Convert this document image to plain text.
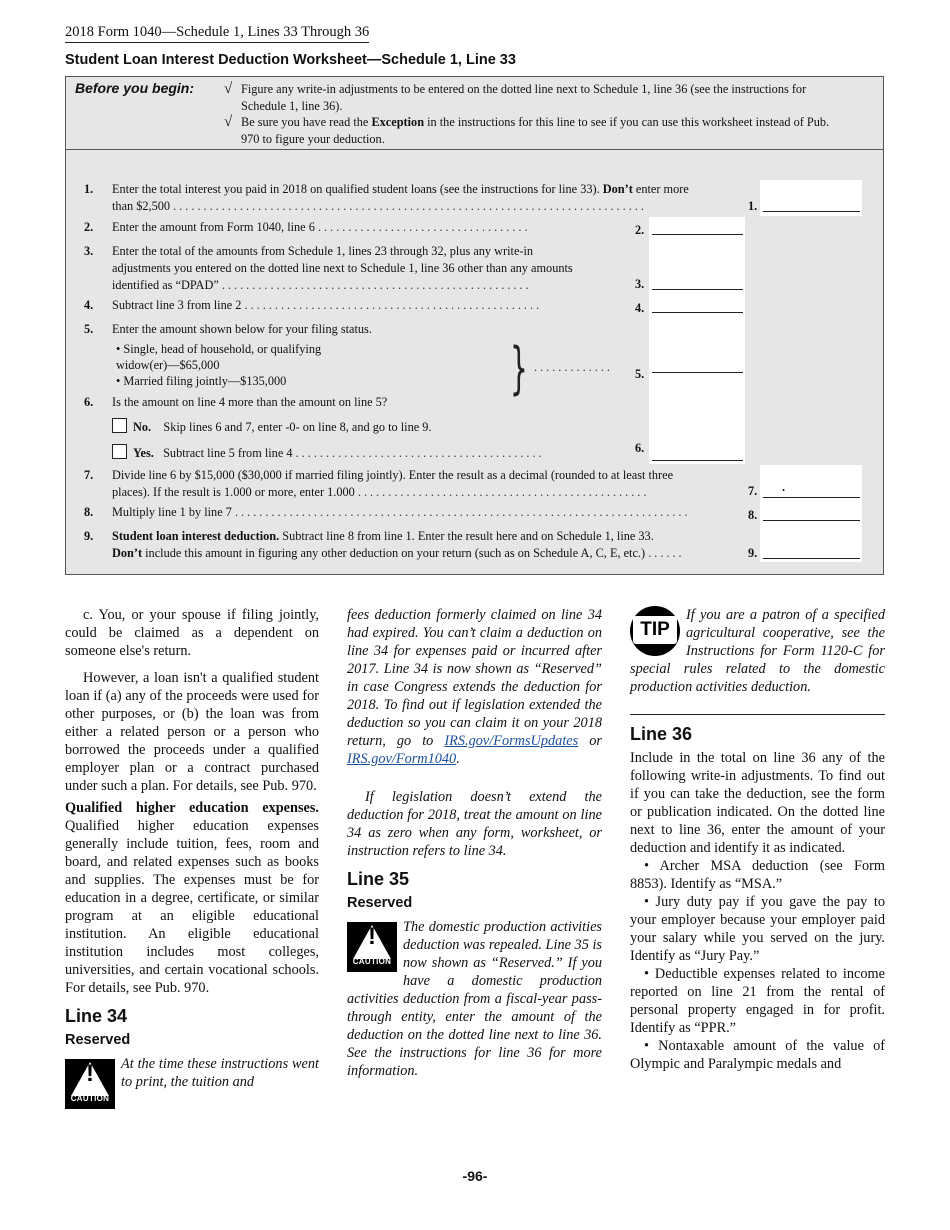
2018 Form 1040—Schedule 1, Lines 33 Through 36
Student Loan Interest Deduction Worksheet—Schedule 1, Line 33
Before you begin: √ Figure any write-in adjustments to be entered on the dotted line next to Schedule 1, line 36 (see the instructions for
Schedule 1, line 36).
√ Be sure you have read the Exception in the instructions for this line to see if you can use this worksheet instead of Pub.
970 to figure your deduction.
1. Enter the total interest you paid in 2018 on qualified student loans (see the instructions for line 33). Don’t enter more
than $2,500 ..............................................................................	1.
2. Enter the amount from Form 1040, line 6 ...................................	2.
3. Enter the total of the amounts from Schedule 1, lines 23 through 32, plus any write-in
adjustments you entered on the dotted line next to Schedule 1, line 36 other than any amounts
identified as “DPAD” ...................................................	3.
4. Subtract line 3 from line 2 .................................................	4.
5. Enter the amount shown below for your filing status.
• Single, head of household, or qualifying
widow(er)—$65,000
• Married filing jointly—$135,000	} .............	5.
6. Is the amount on line 4 more than the amount on line 5?
No. Skip lines 6 and 7, enter -0- on line 8, and go to line 9.
Yes. Subtract line 5 from line 4 .........................................	6.
7. Divide line 6 by $15,000 ($30,000 if married filing jointly). Enter the result as a decimal (rounded to at least three
places). If the result is 1.000 or more, enter 1.000 ................................................	7. .
8. Multiply line 1 by line 7 ...........................................................................	8.
9. Student loan interest deduction. Subtract line 8 from line 1. Enter the result here and on Schedule 1, line 33.
Don’t include this amount in figuring any other deduction on your return (such as on Schedule A, C, E, etc.) ......	9.

c. You, or your spouse if filing jointly, could be claimed as a dependent on someone else's return.

However, a loan isn't a qualified student loan if (a) any of the proceeds were used for other purposes, or (b) the loan was from either a related person or a person who borrowed the proceeds under a qualified employer plan or a contract purchased under such a plan. For details, see Pub. 970.

Qualified higher education expenses. Qualified higher education expenses generally include tuition, fees, room and board, and related expenses such as books and supplies. The expenses must be for education in a degree, certificate, or similar program at an eligible educational institution. An eligible educational institution includes most colleges, universities, and certain vocational schools. For details, see Pub. 970.

Line 34
Reserved
!
CAUTION

At the time these instructions went to print, the tuition and

fees deduction formerly claimed on line 34 had expired. You can’t claim a deduction on line 34 for expenses paid or incurred after 2017. Line 34 is now shown as “Reserved” in case Congress extends the deduction for 2018. To find out if legislation extended the deduction so you can claim it on your 2018 return, go to IRS.gov/FormsUpdates or IRS.gov/Form1040.

If legislation doesn’t extend the deduction for 2018, treat the amount on line 34 as zero when any form, worksheet, or instruction refers to line 34.

Line 35
Reserved
!
CAUTION

The domestic production activities deduction was repealed. Line 35 is now shown as “Reserved.” If you have a domestic production activities deduction from a fiscal-year pass-through entity, enter the amount of the deduction on the dotted line next to line 36. See the instructions for line 36 for more information.

TIP

If you are a patron of a specified agricultural cooperative, see the Instructions for Form 1120-C for special rules related to the domestic production activities deduction.

Line 36

Include in the total on line 36 any of the following write-in adjustments. To find out if you can take the deduction, see the form or publication indicated. On the dotted line next to line 36, enter the amount of your deduction and identify it as indicated.

• Archer MSA deduction (see Form 8853). Identify as “MSA.”

• Jury duty pay if you gave the pay to your employer because your employer paid your salary while you served on the jury. Identify as “Jury Pay.”

• Deductible expenses related to income reported on line 21 from the rental of personal property engaged in for profit. Identify as “PPR.”

• Nontaxable amount of the value of Olympic and Paralympic medals and

-96-
